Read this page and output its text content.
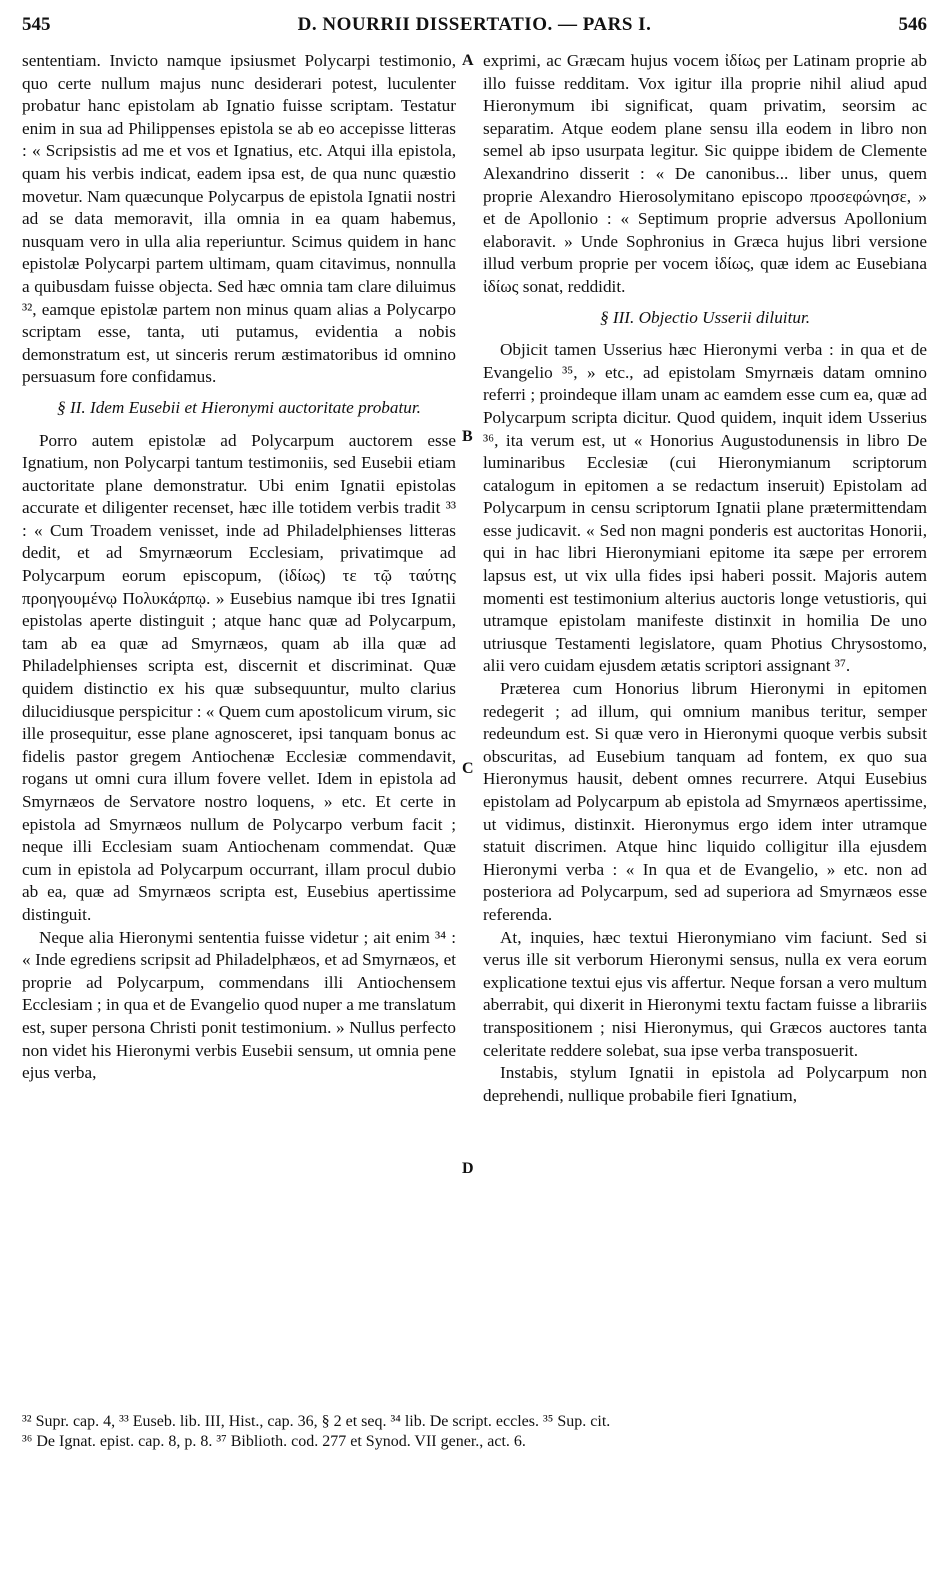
545	D. NOURRII DISSERTATIO. — PARS I.	546

sententiam. Invicto namque ipsiusmet Polycarpi testimonio, quo certe nullum majus nunc desiderari potest, luculenter probatur hanc epistolam ab Ignatio fuisse scriptam. Testatur enim in sua ad Philippenses epistola se ab eo accepisse litteras : « Scripsistis ad me et vos et Ignatius, etc. Atqui illa epistola, quam his verbis indicat, eadem ipsa est, de qua nunc quæstio movetur. Nam quæcunque Polycarpus de epistola Ignatii nostri ad se data memoravit, illa omnia in ea quam habemus, nusquam vero in ulla alia reperiuntur. Scimus quidem in hanc epistolæ Polycarpi partem ultimam, quam citavimus, nonnulla a quibusdam fuisse objecta. Sed hæc omnia tam clare diluimus ³², eamque epistolæ partem non minus quam alias a Polycarpo scriptam esse, tanta, uti putamus, evidentia a nobis demonstratum est, ut sinceris rerum æstimatoribus id omnino persuasum fore confidamus.

§ II. Idem Eusebii et Hieronymi auctoritate probatur.

Porro autem epistolæ ad Polycarpum auctorem esse Ignatium, non Polycarpi tantum testimoniis, sed Eusebii etiam auctoritate plane demonstratur. Ubi enim Ignatii epistolas accurate et diligenter recenset, hæc ille totidem verbis tradit ³³ : « Cum Troadem venisset, inde ad Philadelphienses litteras dedit, et ad Smyrnæorum Ecclesiam, privatimque ad Polycarpum eorum episcopum, (ἰδίως) τε τῷ ταύτης προηγουμένῳ Πολυκάρπῳ. » Eusebius namque ibi tres Ignatii epistolas aperte distinguit ; atque hanc quæ ad Polycarpum, tam ab ea quæ ad Smyrnæos, quam ab illa quæ ad Philadelphienses scripta est, discernit et discriminat. Quæ quidem distinctio ex his quæ subsequuntur, multo clarius dilucidiusque perspicitur : « Quem cum apostolicum virum, sic ille prosequitur, esse plane agnosceret, ipsi tanquam bonus ac fidelis pastor gregem Antiochenæ Ecclesiæ commendavit, rogans ut omni cura illum fovere vellet. Idem in epistola ad Smyrnæos de Servatore nostro loquens, » etc. Et certe in epistola ad Smyrnæos nullum de Polycarpo verbum facit ; neque illi Ecclesiam suam Antiochenam commendat. Quæ cum in epistola ad Polycarpum occurrant, illam procul dubio ab ea, quæ ad Smyrnæos scripta est, Eusebius apertissime distinguit.

Neque alia Hieronymi sententia fuisse videtur ; ait enim ³⁴ : « Inde egrediens scripsit ad Philadelphæos, et ad Smyrnæos, et proprie ad Polycarpum, commendans illi Antiochensem Ecclesiam ; in qua et de Evangelio quod nuper a me translatum est, super persona Christi ponit testimonium. » Nullus perfecto non videt his Hieronymi verbis Eusebii sensum, ut omnia pene ejus verba,

A
B
C
D

exprimi, ac Græcam hujus vocem ἰδίως per Latinam proprie ab illo fuisse redditam. Vox igitur illa proprie nihil aliud apud Hieronymum ibi significat, quam privatim, seorsim ac separatim. Atque eodem plane sensu illa eodem in libro non semel ab ipso usurpata legitur. Sic quippe ibidem de Clemente Alexandrino disserit : « De canonibus... liber unus, quem proprie Alexandro Hierosolymitano episcopo προσεφώνησε, » et de Apollonio : « Septimum proprie adversus Apollonium elaboravit. » Unde Sophronius in Græca hujus libri versione illud verbum proprie per vocem ἰδίως, quæ idem ac Eusebiana ἰδίως sonat, reddidit.

§ III. Objectio Usserii diluitur.

Objicit tamen Usserius hæc Hieronymi verba : in qua et de Evangelio ³⁵, » etc., ad epistolam Smyrnæis datam omnino referri ; proindeque illam unam ac eamdem esse cum ea, quæ ad Polycarpum scripta dicitur. Quod quidem, inquit idem Usserius ³⁶, ita verum est, ut « Honorius Augustodunensis in libro De luminaribus Ecclesiæ (cui Hieronymianum scriptorum catalogum in epitomen a se redactum inseruit) Epistolam ad Polycarpum in censu scriptorum Ignatii plane prætermittendam esse judicavit. « Sed non magni ponderis est auctoritas Honorii, qui in hac libri Hieronymiani epitome ita sæpe per errorem lapsus est, ut vix ulla fides ipsi haberi possit. Majoris autem momenti est testimonium alterius auctoris longe vetustioris, qui utramque epistolam manifeste distinxit in homilia De uno utriusque Testamenti legislatore, quam Photius Chrysostomo, alii vero cuidam ejusdem ætatis scriptori assignant ³⁷.

Præterea cum Honorius librum Hieronymi in epitomen redegerit ; ad illum, qui omnium manibus teritur, semper redeundum est. Si quæ vero in Hieronymi quoque verbis subsit obscuritas, ad Eusebium tanquam ad fontem, ex quo sua Hieronymus hausit, debent omnes recurrere. Atqui Eusebius epistolam ad Polycarpum ab epistola ad Smyrnæos apertissime, ut vidimus, distinxit. Hieronymus ergo idem inter utramque statuit discrimen. Atque hinc liquido colligitur illa ejusdem Hieronymi verba : « In qua et de Evangelio, » etc. non ad posteriora ad Polycarpum, sed ad superiora ad Smyrnæos esse referenda.

At, inquies, hæc textui Hieronymiano vim faciunt. Sed si verus ille sit verborum Hieronymi sensus, nulla ex vera eorum explicatione textui ejus vis affertur. Neque forsan a vero multum aberrabit, qui dixerit in Hieronymi textu factam fuisse a librariis transpositionem ; nisi Hieronymus, qui Græcos auctores tanta celeritate reddere solebat, sua ipse verba transposuerit.

Instabis, stylum Ignatii in epistola ad Polycarpum non deprehendi, nullique probabile fieri Ignatium,

³² Supr. cap. 4, ³³ Euseb. lib. III, Hist., cap. 36, § 2 et seq. ³⁴ lib. De script. eccles. ³⁵ Sup. cit.

³⁶ De Ignat. epist. cap. 8, p. 8. ³⁷ Biblioth. cod. 277 et Synod. VII gener., act. 6.
